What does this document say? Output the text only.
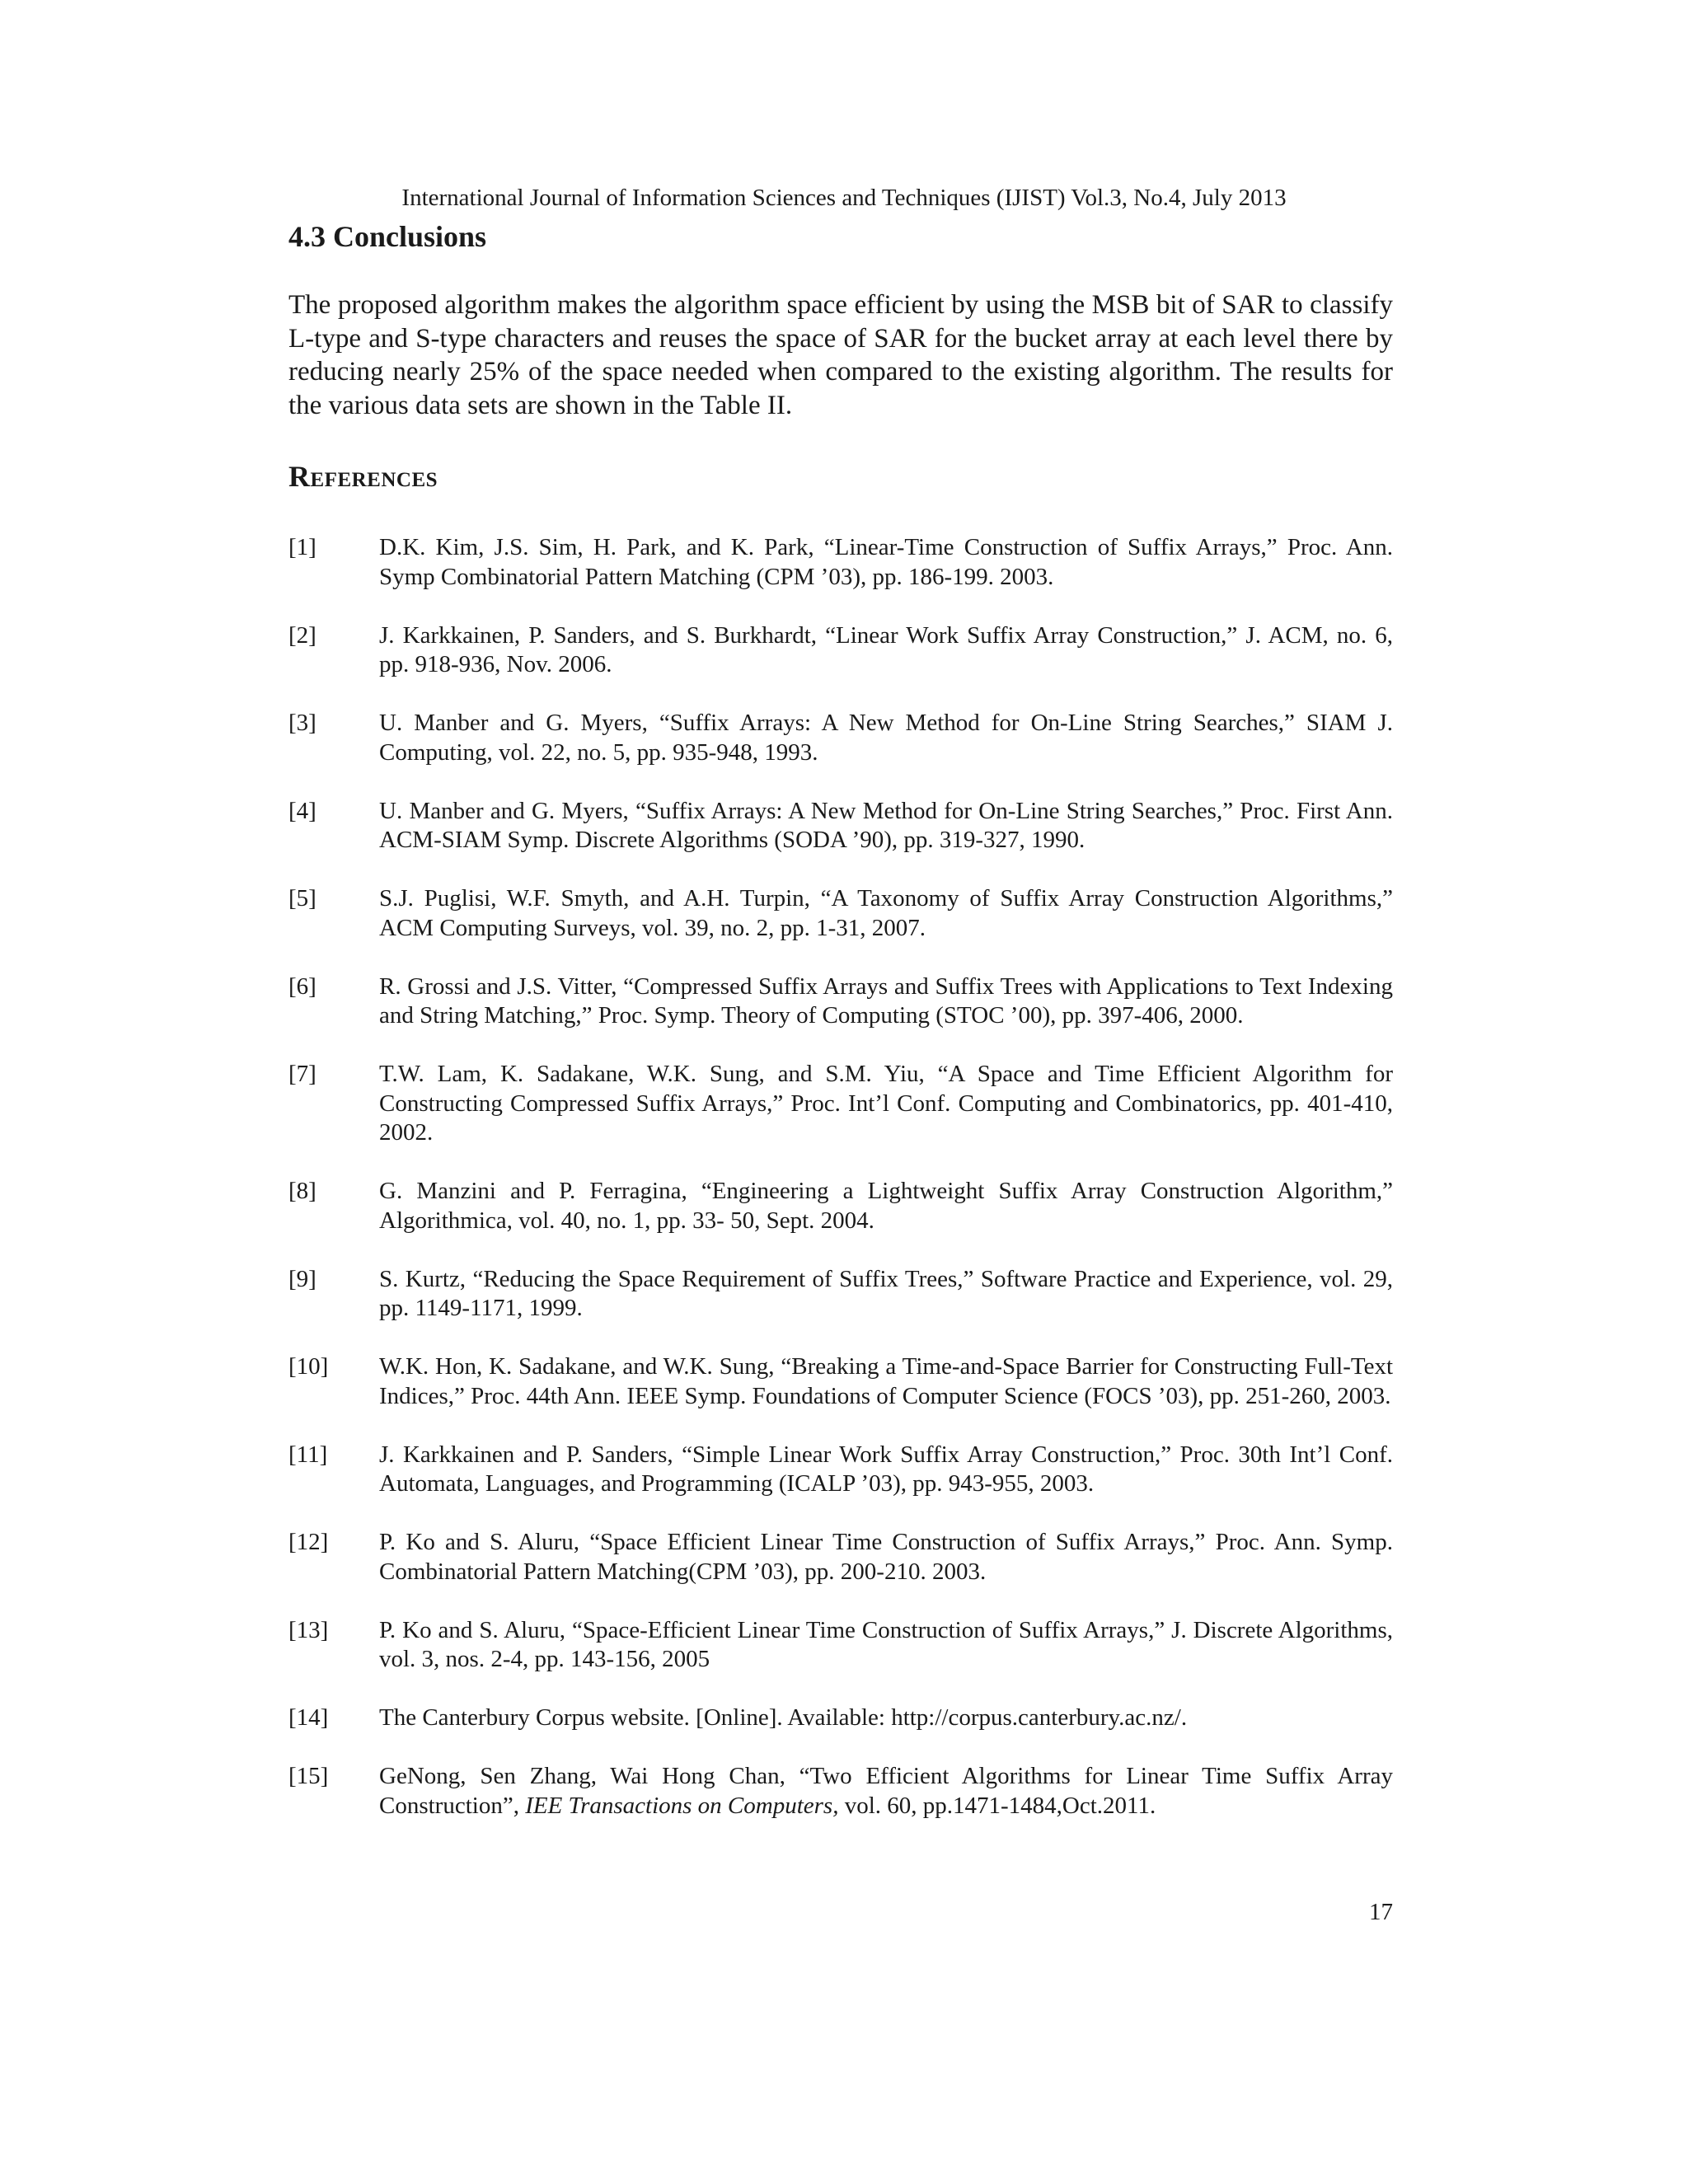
International Journal of Information Sciences and Techniques (IJIST) Vol.3, No.4, July 2013
4.3 Conclusions

The proposed algorithm makes the algorithm space efficient by using the MSB bit of SAR to classify L-type and S-type characters and reuses the space of SAR for the bucket array at each level there by reducing nearly 25% of the space needed when compared to the existing algorithm. The results for the various data sets are shown in the Table II.

References
[1]	D.K. Kim, J.S. Sim, H. Park, and K. Park, “Linear-Time Construction of Suffix Arrays,” Proc. Ann. Symp Combinatorial Pattern Matching (CPM ’03), pp. 186-199. 2003.
[2]	J. Karkkainen, P. Sanders, and S. Burkhardt, “Linear Work Suffix Array Construction,” J. ACM, no. 6, pp. 918-936, Nov. 2006.
[3]	U. Manber and G. Myers, “Suffix Arrays: A New Method for On-Line String Searches,” SIAM J. Computing, vol. 22, no. 5, pp. 935-948, 1993.
[4]	U. Manber and G. Myers, “Suffix Arrays: A New Method for On-Line String Searches,” Proc. First Ann. ACM-SIAM Symp. Discrete Algorithms (SODA ’90), pp. 319-327, 1990.
[5]	S.J. Puglisi, W.F. Smyth, and A.H. Turpin, “A Taxonomy of Suffix Array Construction Algorithms,” ACM Computing Surveys, vol. 39, no. 2, pp. 1-31, 2007.
[6]	R. Grossi and J.S. Vitter, “Compressed Suffix Arrays and Suffix Trees with Applications to Text Indexing and String Matching,” Proc. Symp. Theory of Computing (STOC ’00), pp. 397-406, 2000.
[7]	T.W. Lam, K. Sadakane, W.K. Sung, and S.M. Yiu, “A Space and Time Efficient Algorithm for Constructing Compressed Suffix Arrays,” Proc. Int’l Conf. Computing and Combinatorics, pp. 401-410, 2002.
[8]	G. Manzini and P. Ferragina, “Engineering a Lightweight Suffix Array Construction Algorithm,” Algorithmica, vol. 40, no. 1, pp. 33- 50, Sept. 2004.
[9]	S. Kurtz, “Reducing the Space Requirement of Suffix Trees,” Software Practice and Experience, vol. 29, pp. 1149-1171, 1999.
[10] W.K. Hon, K. Sadakane, and W.K. Sung, “Breaking a Time-and-Space Barrier for Constructing Full-Text Indices,” Proc. 44th Ann. IEEE Symp. Foundations of Computer Science (FOCS ’03), pp. 251-260, 2003.
[11] J. Karkkainen and P. Sanders, “Simple Linear Work Suffix Array Construction,” Proc. 30th Int’l Conf. Automata, Languages, and Programming (ICALP ’03), pp. 943-955, 2003.
[12] P. Ko and S. Aluru, “Space Efficient Linear Time Construction of Suffix Arrays,” Proc. Ann. Symp. Combinatorial Pattern Matching(CPM ’03), pp. 200-210. 2003.
[13] P. Ko and S. Aluru, “Space-Efficient Linear Time Construction of Suffix Arrays,” J. Discrete Algorithms, vol. 3, nos. 2-4, pp. 143-156, 2005
[14] The Canterbury Corpus website. [Online]. Available: http://corpus.canterbury.ac.nz/.
[15] GeNong, Sen Zhang, Wai Hong Chan, “Two Efficient Algorithms for Linear Time Suffix Array Construction”, IEE Transactions on Computers, vol. 60, pp.1471-1484,Oct.2011.
17
